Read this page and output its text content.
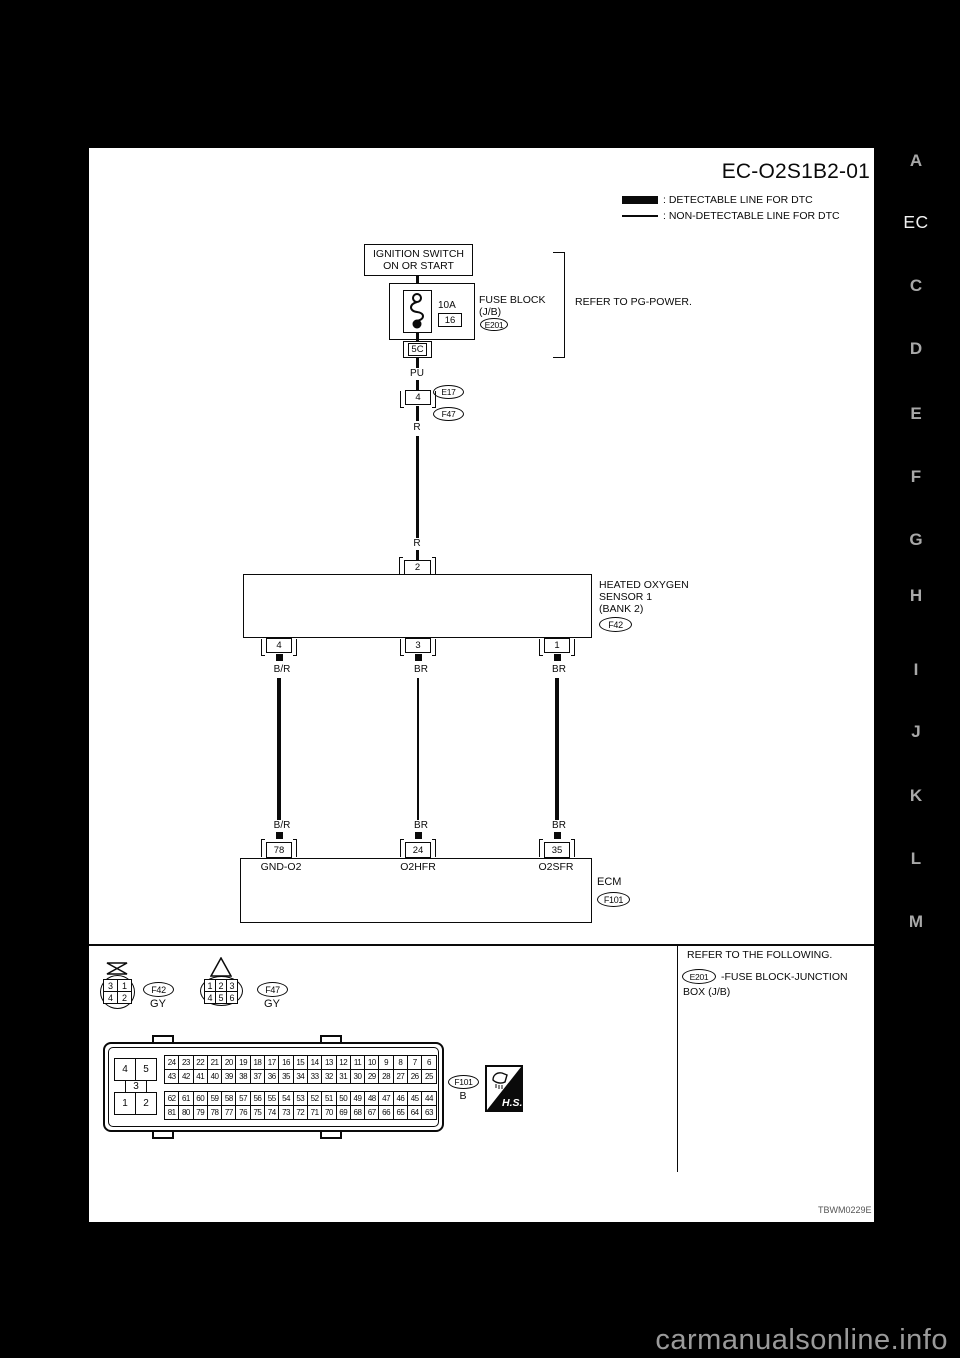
EC-O2S1B2-01
: DETECTABLE LINE FOR DTC
: NON-DETECTABLE LINE FOR DTC
IGNITION SWITCH
ON OR START
10A
16
FUSE BLOCK
(J/B)
E201
5C
REFER TO PG-POWER.
PU
E17
4
F47
R
R
2
HEATED OXYGEN
SENSOR 1
(BANK 2)
F42
4
B/R
B/R
78
3
BR
BR
24
1
BR
BR
35
GND-O2	O2HFR	O2SFR
ECM
F101
3 1
4 2
F42
GY
1 2 3
4 5 6
F47
GY
4	5
3
1	2
24 23 22 21 20 19 18 17 16 15 14 13 12 11 10	9	8	7	6
43 42 41 40 39 38 37 36 35 34 33 32 31 30 29 28 27 26 25
62 61 60 59 58 57 56 55 54 53 52 51 50 49 48 47 46 45 44
81 80 79 78 77 76 75 74 73 72 71 70 69 68 67 66 65 64 63
F101
B
H.S.
REFER TO THE FOLLOWING.
E201	-FUSE BLOCK-JUNCTION
BOX (J/B)
TBWM0229E
A
EC
C
D
E
F
G
H
I
J
K
L
M
carmanualsonline.info
